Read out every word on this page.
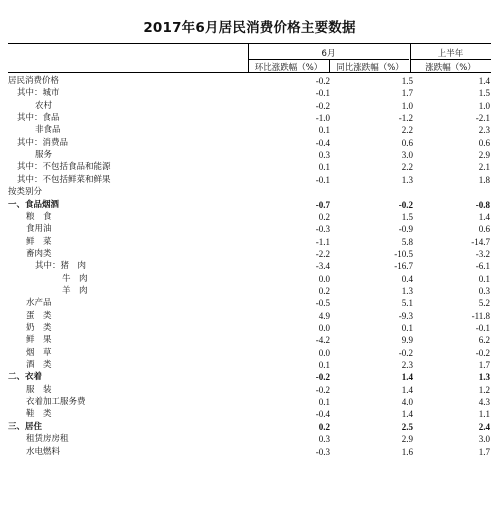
2017年6月居民消费价格主要数据
6月	上半年
环比涨跌幅（%）	同比涨跌幅（%）	涨跌幅（%）
居民消费价格	-0.2	1.5	1.4
其中：城市	-0.1	1.7	1.5
农村	-0.2	1.0	1.0
其中：食品	-1.0	-1.2	-2.1
非食品	0.1	2.2	2.3
其中：消费品	-0.4	0.6	0.6
服务	0.3	3.0	2.9
其中：不包括食品和能源	0.1	2.2	2.1
其中：不包括鲜菜和鲜果	-0.1	1.3	1.8
按类别分
一、食品烟酒	-0.7	-0.2	-0.8
粮　食	0.2	1.5	1.4
食用油	-0.3	-0.9	0.6
鲜　菜	-1.1	5.8	-14.7
畜肉类	-2.2	-10.5	-3.2
其中：猪　肉	-3.4	-16.7	-6.1
牛　肉	0.0	0.4	0.1
羊　肉	0.2	1.3	0.3
水产品	-0.5	5.1	5.2
蛋　类	4.9	-9.3	-11.8
奶　类	0.0	0.1	-0.1
鲜　果	-4.2	9.9	6.2
烟　草	0.0	-0.2	-0.2
酒　类	0.1	2.3	1.7
二、衣着	-0.2	1.4	1.3
服　装	-0.2	1.4	1.2
衣着加工服务费	0.1	4.0	4.3
鞋　类	-0.4	1.4	1.1
三、居住	0.2	2.5	2.4
租赁房房租	0.3	2.9	3.0
水电燃料	-0.3	1.6	1.7
